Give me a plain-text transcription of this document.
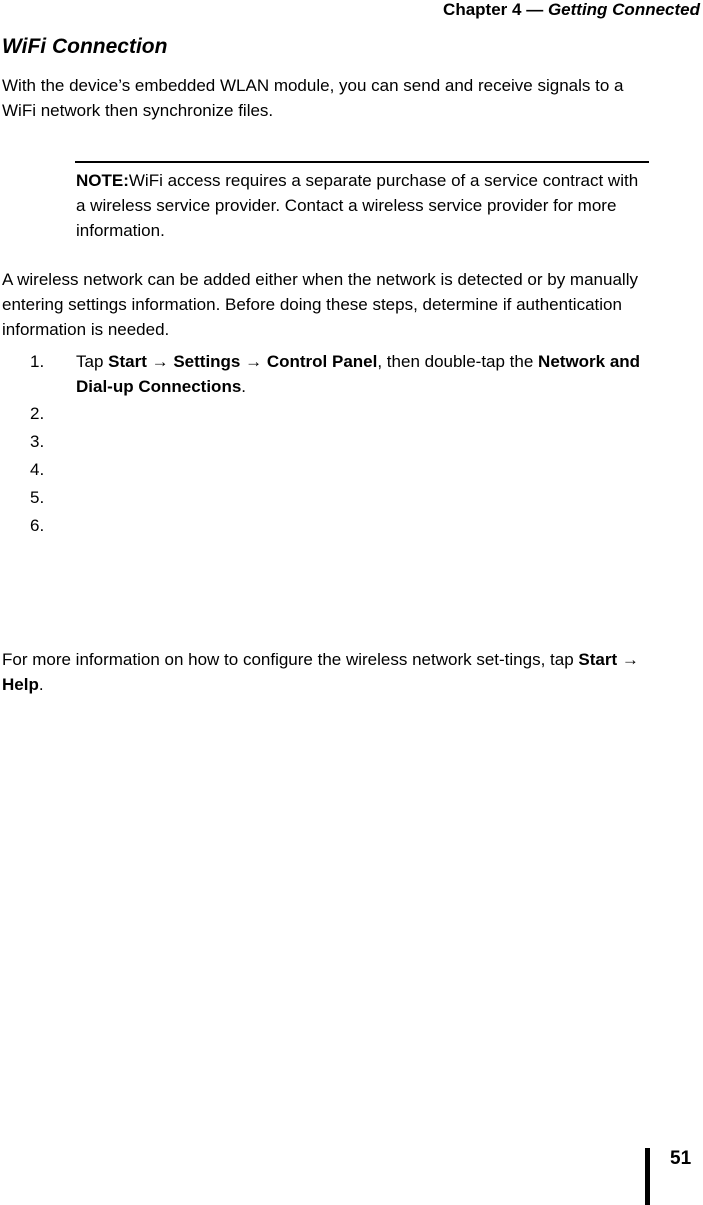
Chapter 4 — Getting Connected
WiFi Connection
With the device’s embedded WLAN module, you can send and receive signals to a WiFi network then synchronize files.
NOTE:WiFi access requires a separate purchase of a service contract with a wireless service provider. Contact a wireless service provider for more information.
A wireless network can be added either when the network is detected or by manually entering settings information. Before doing these steps, determine if authentication information is needed.
1. Tap Start → Settings → Control Panel, then double-tap the Network and Dial-up Connections.
2.
3.
4.
5.
6.
For more information on how to configure the wireless network set-tings, tap Start → Help.
51
